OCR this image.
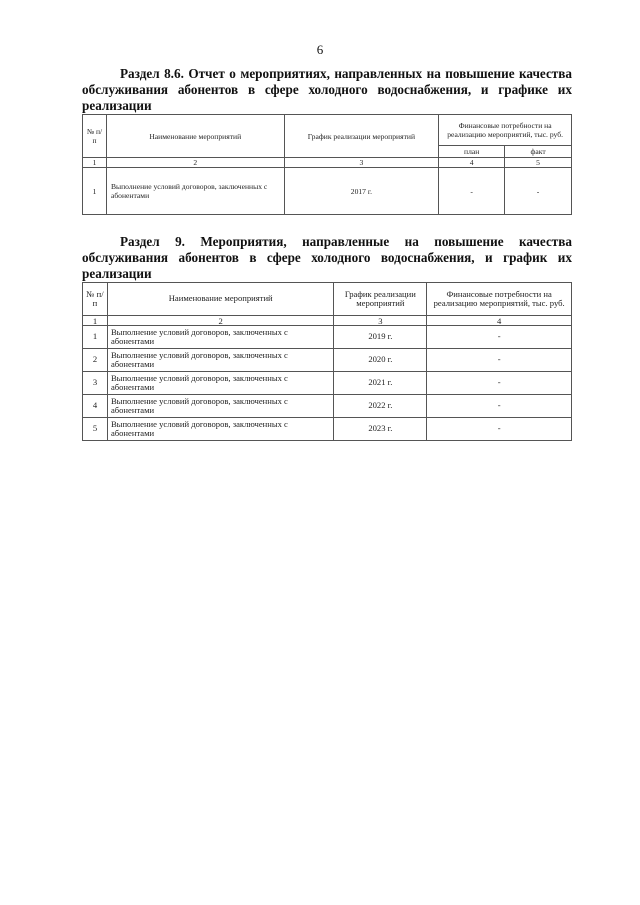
6

Раздел 8.6. Отчет о мероприятиях, направленных на повышение качества обслуживания абонентов в сфере холодного водоснабжения, и графике их реализации

№ п/п	Наименование мероприятий	График реализации мероприятий	Финансовые потребности на реализацию мероприятий, тыс. руб.	
			план	факт
1	2	3	4	5
1	Выполнение условий договоров, заключенных с абонентами	2017 г.	-	-

Раздел 9. Мероприятия, направленные на повышение качества обслуживания абонентов в сфере холодного водоснабжения, и график их реализации

№ п/п	Наименование мероприятий	График реализации мероприятий	Финансовые потребности на реализацию мероприятий, тыс. руб.
1	2	3	4
1	Выполнение условий договоров, заключенных с абонентами	2019 г.	-
2	Выполнение условий договоров, заключенных с абонентами	2020 г.	-
3	Выполнение условий договоров, заключенных с абонентами	2021 г.	-
4	Выполнение условий договоров, заключенных с абонентами	2022 г.	-
5	Выполнение условий договоров, заключенных с абонентами	2023 г.	-
